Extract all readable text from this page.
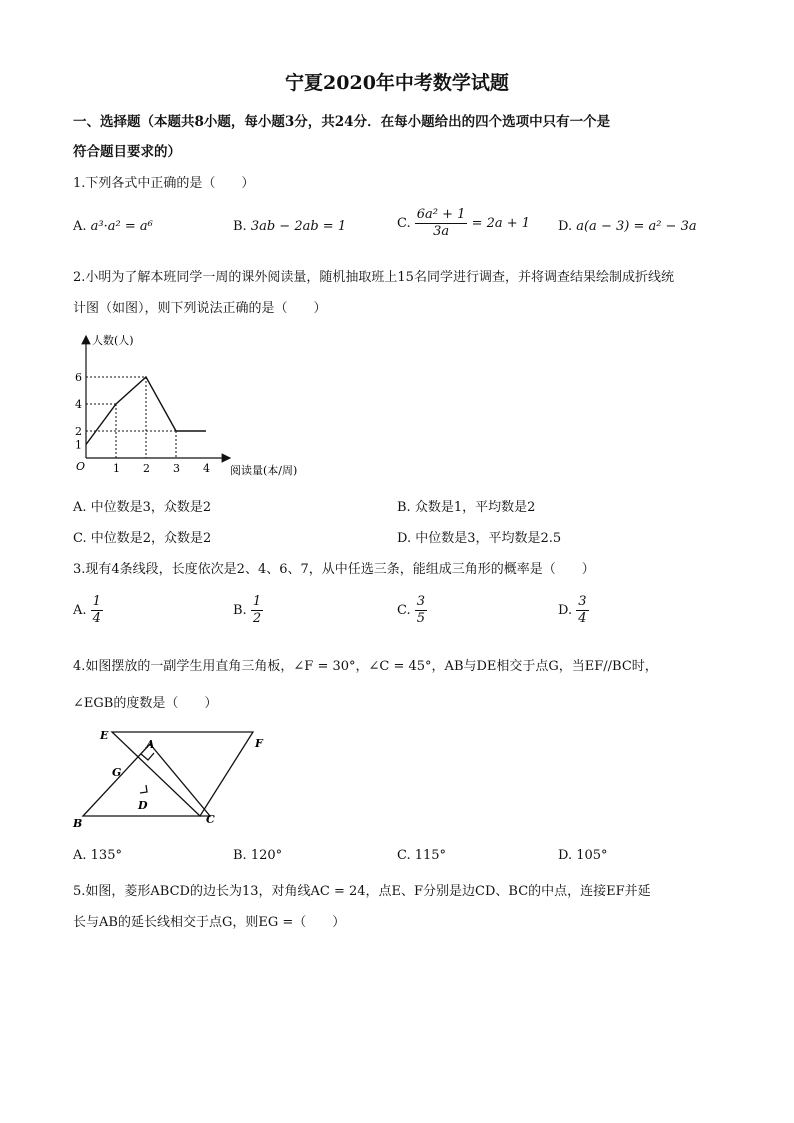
宁夏2020年中考数学试题
一、选择题（本题共8小题，每小题3分，共24分．在每小题给出的四个选项中只有一个是
符合题目要求的）
1.下列各式中正确的是（　　）
A. a³·a² = a⁶	B. 3ab − 2ab = 1	C. $\frac{\text{6a² + 1}}{3a} = 2a + 1$ D. a(a − 3) = a² − 3a
2.小明为了解本班同学一周的课外阅读量，随机抽取班上15名同学进行调查，并将调查结果绘制成折线统
计图（如图），则下列说法正确的是（　　）
1 2 3 4
1
2
4
6
人数(人)
阅读量(本/周)
O
A. 中位数是3，众数是2	B. 众数是1，平均数是2
C. 中位数是2，众数是2	D. 中位数是3，平均数是2.5
3.现有4条线段，长度依次是2、4、6、7，从中任选三条，能组成三角形的概率是（　　）
A. $\frac{1}{4}$	B. $\frac{1}{2}$	C. $\frac{3}{5}$	D. $\frac{3}{4}$
4.如图摆放的一副学生用直角三角板，∠F = 30°，∠C = 45°，AB与DE相交于点G，当EF//BC时，
∠EGB的度数是（　　）
E
F
A
G
D
B	C
A. 135°	B. 120°	C. 115°	D. 105°
5.如图，菱形ABCD的边长为13，对角线AC = 24，点E、F分别是边CD、BC的中点，连接EF并延
长与AB的延长线相交于点G，则EG =（　　）
